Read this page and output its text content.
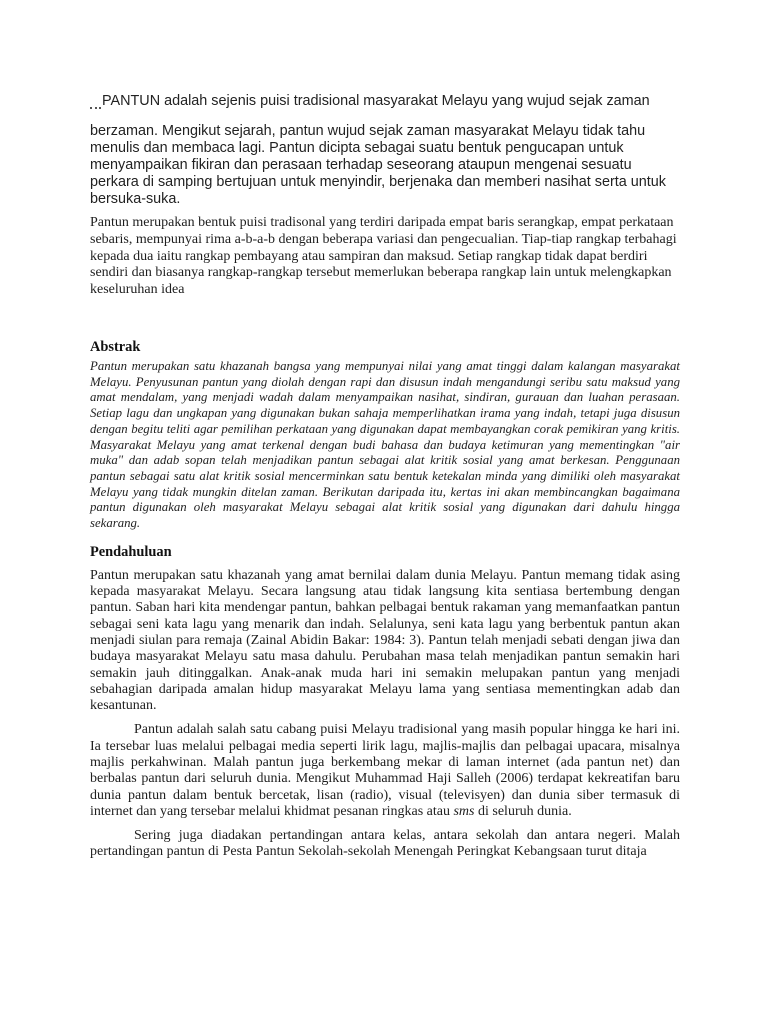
PANTUN adalah sejenis puisi tradisional masyarakat Melayu yang wujud sejak zaman

berzaman. Mengikut sejarah, pantun wujud sejak zaman masyarakat Melayu tidak tahu menulis dan membaca lagi. Pantun dicipta sebagai suatu bentuk pengucapan untuk menyampaikan fikiran dan perasaan terhadap seseorang ataupun mengenai sesuatu perkara di samping bertujuan untuk menyindir, berjenaka dan memberi nasihat serta untuk bersuka-suka.

Pantun merupakan bentuk puisi tradisonal yang terdiri daripada empat baris serangkap, empat perkataan sebaris, mempunyai rima a-b-a-b dengan beberapa variasi dan pengecualian. Tiap-tiap rangkap terbahagi kepada dua iaitu rangkap pembayang atau sampiran dan maksud. Setiap rangkap tidak dapat berdiri sendiri dan biasanya rangkap-rangkap tersebut memerlukan beberapa rangkap lain untuk melengkapkan keseluruhan idea

Abstrak

Pantun merupakan satu khazanah bangsa yang mempunyai nilai yang amat tinggi dalam kalangan masyarakat Melayu. Penyusunan pantun yang diolah dengan rapi dan disusun indah mengandungi seribu satu maksud yang amat mendalam, yang menjadi wadah dalam menyampaikan nasihat, sindiran, gurauan dan luahan perasaan. Setiap lagu dan ungkapan yang digunakan bukan sahaja memperlihatkan irama yang indah, tetapi juga disusun dengan begitu teliti agar pemilihan perkataan yang digunakan dapat membayangkan corak pemikiran yang kritis. Masyarakat Melayu yang amat terkenal dengan budi bahasa dan budaya ketimuran yang mementingkan "air muka" dan adab sopan telah menjadikan pantun sebagai alat kritik sosial yang amat berkesan. Penggunaan pantun sebagai satu alat kritik sosial mencerminkan satu bentuk ketekalan minda yang dimiliki oleh masyarakat Melayu yang tidak mungkin ditelan zaman. Berikutan daripada itu, kertas ini akan membincangkan bagaimana pantun digunakan oleh masyarakat Melayu sebagai alat kritik sosial yang digunakan dari dahulu hingga sekarang.

Pendahuluan

Pantun merupakan satu khazanah yang amat bernilai dalam dunia Melayu. Pantun memang tidak asing kepada masyarakat Melayu. Secara langsung atau tidak langsung kita sentiasa bertembung dengan pantun. Saban hari kita mendengar pantun, bahkan pelbagai bentuk rakaman yang memanfaatkan pantun sebagai seni kata lagu yang menarik dan indah. Selalunya, seni kata lagu yang berbentuk pantun akan menjadi siulan para remaja (Zainal Abidin Bakar: 1984: 3). Pantun telah menjadi sebati dengan jiwa dan budaya masyarakat Melayu satu masa dahulu. Perubahan masa telah menjadikan pantun semakin hari semakin jauh ditinggalkan. Anak-anak muda hari ini semakin melupakan pantun yang menjadi sebahagian daripada amalan hidup masyarakat Melayu lama yang sentiasa mementingkan adab dan kesantunan.

Pantun adalah salah satu cabang puisi Melayu tradisional yang masih popular hingga ke hari ini. Ia tersebar luas melalui pelbagai media seperti lirik lagu, majlis-majlis dan pelbagai upacara, misalnya majlis perkahwinan. Malah pantun juga berkembang mekar di laman internet (ada pantun net) dan berbalas pantun dari seluruh dunia. Mengikut Muhammad Haji Salleh (2006) terdapat kekreatifan baru dunia pantun dalam bentuk bercetak, lisan (radio), visual (televisyen) dan dunia siber termasuk di internet dan yang tersebar melalui khidmat pesanan ringkas atau sms di seluruh dunia.

Sering juga diadakan pertandingan antara kelas, antara sekolah dan antara negeri. Malah pertandingan pantun di Pesta Pantun Sekolah-sekolah Menengah Peringkat Kebangsaan turut ditaja
